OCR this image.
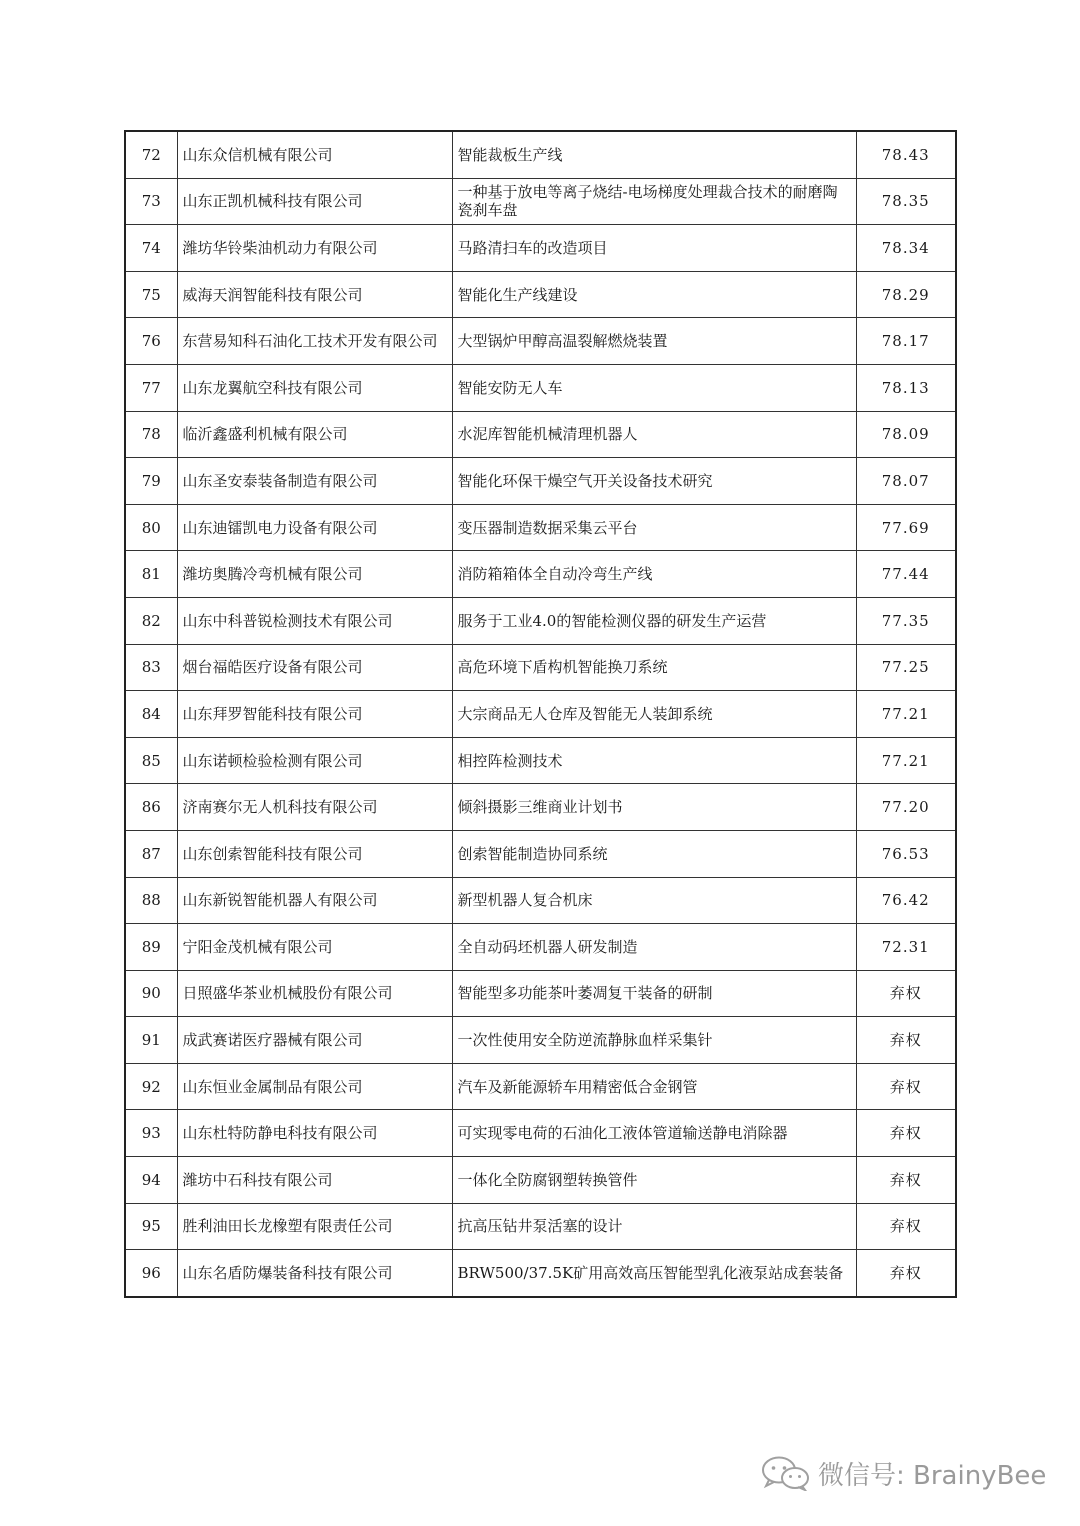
72	山东众信机械有限公司	智能裁板生产线	78.43
73	山东正凯机械科技有限公司	一种基于放电等离子烧结-电场梯度处理裁合技术的耐磨陶瓷刹车盘	78.35
74	潍坊华铃柴油机动力有限公司	马路清扫车的改造项目	78.34
75	威海天润智能科技有限公司	智能化生产线建设	78.29
76	东营易知科石油化工技术开发有限公司	大型锅炉甲醇高温裂解燃烧装置	78.17
77	山东龙翼航空科技有限公司	智能安防无人车	78.13
78	临沂鑫盛利机械有限公司	水泥库智能机械清理机器人	78.09
79	山东圣安泰装备制造有限公司	智能化环保干燥空气开关设备技术研究	78.07
80	山东迪镭凯电力设备有限公司	变压器制造数据采集云平台	77.69
81	潍坊奥腾冷弯机械有限公司	消防箱箱体全自动冷弯生产线	77.44
82	山东中科普锐检测技术有限公司	服务于工业4.0的智能检测仪器的研发生产运营	77.35
83	烟台福皓医疗设备有限公司	高危环境下盾构机智能换刀系统	77.25
84	山东拜罗智能科技有限公司	大宗商品无人仓库及智能无人装卸系统	77.21
85	山东诺顿检验检测有限公司	相控阵检测技术	77.21
86	济南赛尔无人机科技有限公司	倾斜摄影三维商业计划书	77.20
87	山东创索智能科技有限公司	创索智能制造协同系统	76.53
88	山东新锐智能机器人有限公司	新型机器人复合机床	76.42
89	宁阳金茂机械有限公司	全自动码坯机器人研发制造	72.31
90	日照盛华茶业机械股份有限公司	智能型多功能茶叶萎凋复干装备的研制	弃权
91	成武赛诺医疗器械有限公司	一次性使用安全防逆流静脉血样采集针	弃权
92	山东恒业金属制品有限公司	汽车及新能源轿车用精密低合金钢管	弃权
93	山东杜特防静电科技有限公司	可实现零电荷的石油化工液体管道输送静电消除器	弃权
94	潍坊中石科技有限公司	一体化全防腐钢塑转换管件	弃权
95	胜利油田长龙橡塑有限责任公司	抗高压钻井泵活塞的设计	弃权
96	山东名盾防爆装备科技有限公司	BRW500/37.5K矿用高效高压智能型乳化液泵站成套装备	弃权
微信号: BrainyBee
